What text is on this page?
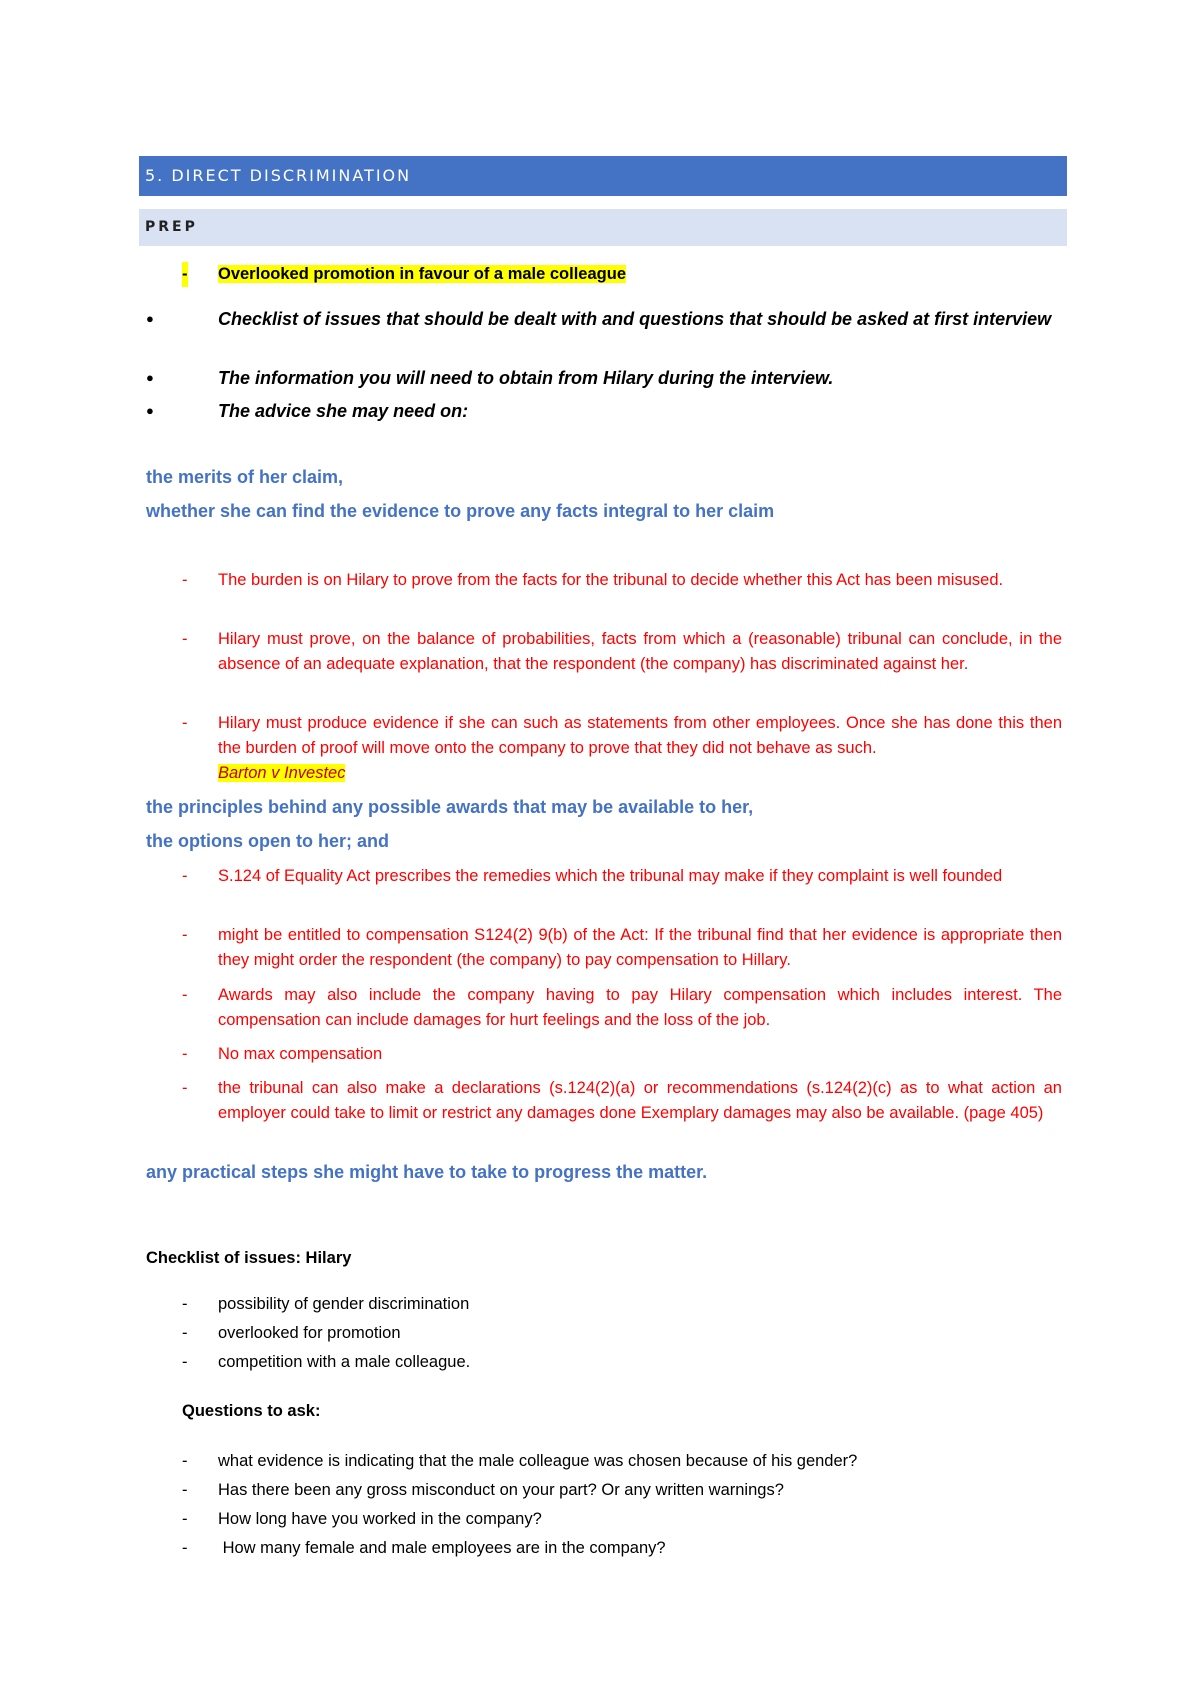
5. DIRECT DISCRIMINATION
PREP
- Overlooked promotion in favour of a male colleague
●	Checklist of issues that should be dealt with and questions that should be asked at first interview
●	The information you will need to obtain from Hilary during the interview.
●	The advice she may need on:
the merits of her claim,
whether she can find the evidence to prove any facts integral to her claim
- The burden is on Hilary to prove from the facts for the tribunal to decide whether this Act has been misused.
- Hilary must prove, on the balance of probabilities, facts from which a (reasonable) tribunal can conclude, in the absence of an adequate explanation, that the respondent (the company) has discriminated against her.
- Hilary must produce evidence if she can such as statements from other employees. Once she has done this then the burden of proof will move onto the company to prove that they did not behave as such.
Barton v Investec
the principles behind any possible awards that may be available to her,
the options open to her; and
- S.124 of Equality Act prescribes the remedies which the tribunal may make if they complaint is well founded
- might be entitled to compensation S124(2) 9(b) of the Act: If the tribunal find that her evidence is appropriate then they might order the respondent (the company) to pay compensation to Hillary.
- Awards may also include the company having to pay Hilary compensation which includes interest. The compensation can include damages for hurt feelings and the loss of the job.
- No max compensation
- the tribunal can also make a declarations (s.124(2)(a) or recommendations (s.124(2)(c) as to what action an employer could take to limit or restrict any damages done Exemplary damages may also be available. (page 405)
any practical steps she might have to take to progress the matter.
Checklist of issues: Hilary
- possibility of gender discrimination
- overlooked for promotion
- competition with a male colleague.
Questions to ask:
- what evidence is indicating that the male colleague was chosen because of his gender?
- Has there been any gross misconduct on your part? Or any written warnings?
- How long have you worked in the company?
- How many female and male employees are in the company?
